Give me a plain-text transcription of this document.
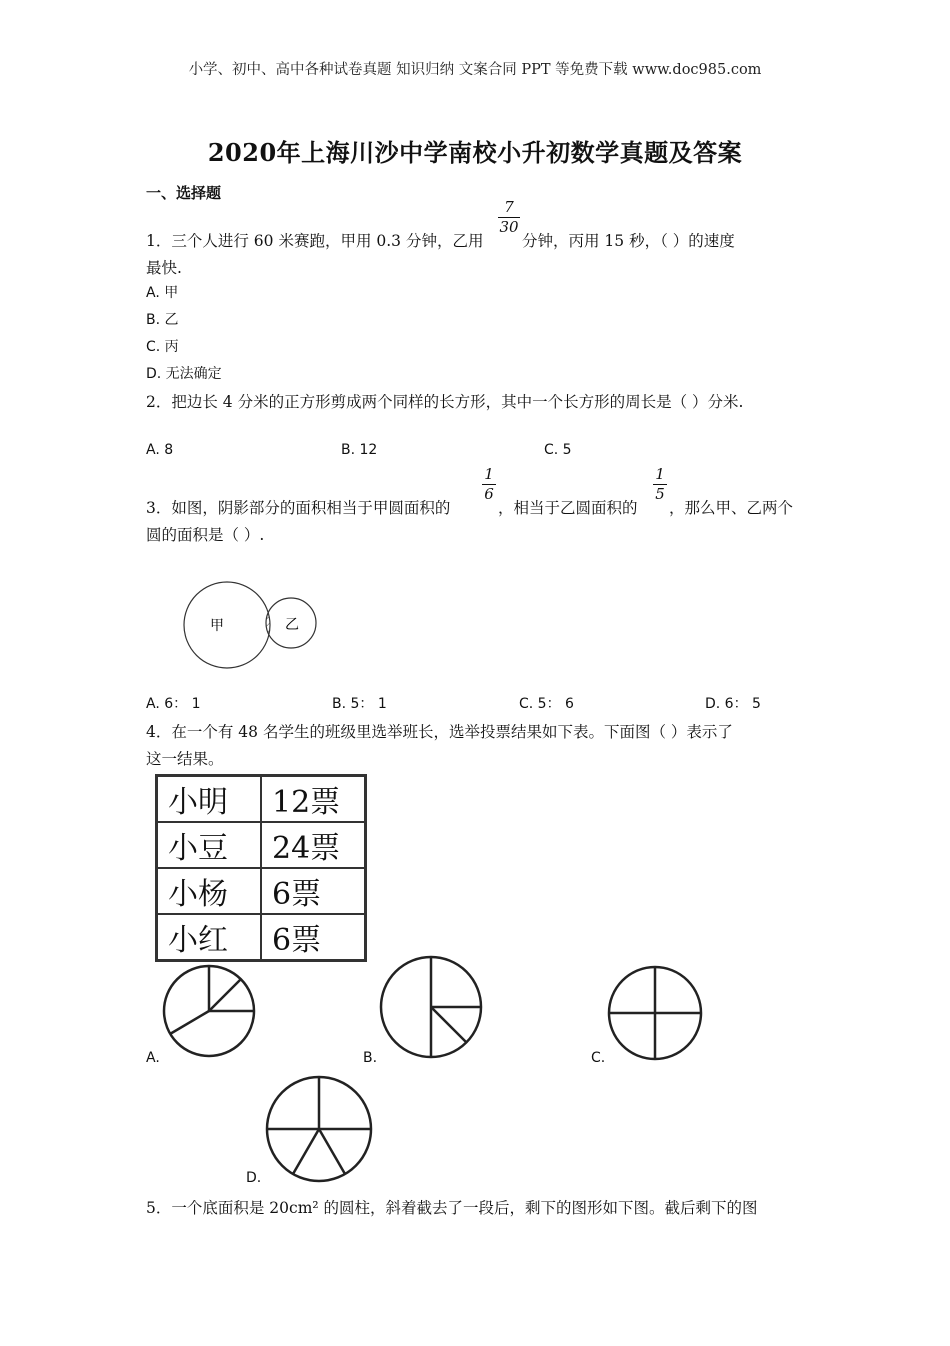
小学、初中、高中各种试卷真题 知识归纳 文案合同 PPT 等免费下载 www.doc985.com
2020年上海川沙中学南校小升初数学真题及答案
一、选择题
1．三个人进行 60 米赛跑，甲用 0.3 分钟，乙用
7
30
分钟，丙用 15 秒，（ ）的速度
最快.
A. 甲
B. 乙
C. 丙
D. 无法确定
2．把边长 4 分米的正方形剪成两个同样的长方形，其中一个长方形的周长是（ ）分米.
A. 8	B. 12	C. 5
3．如图，阴影部分的面积相当于甲圆面积的
1
6
，相当于乙圆面积的
1
5
，那么甲、乙两个
圆的面积是（ ）.
甲	乙
A. 6： 1	B. 5： 1	C. 5： 6	D. 6： 5
4．在一个有 48 名学生的班级里选举班长，选举投票结果如下表。下面图（ ）表示了
这一结果。
小明	12票
小豆	24票
小杨	6票
小红	6票
A.	B.	C.
D.
5．一个底面积是 20cm² 的圆柱，斜着截去了一段后，剩下的图形如下图。截后剩下的图
